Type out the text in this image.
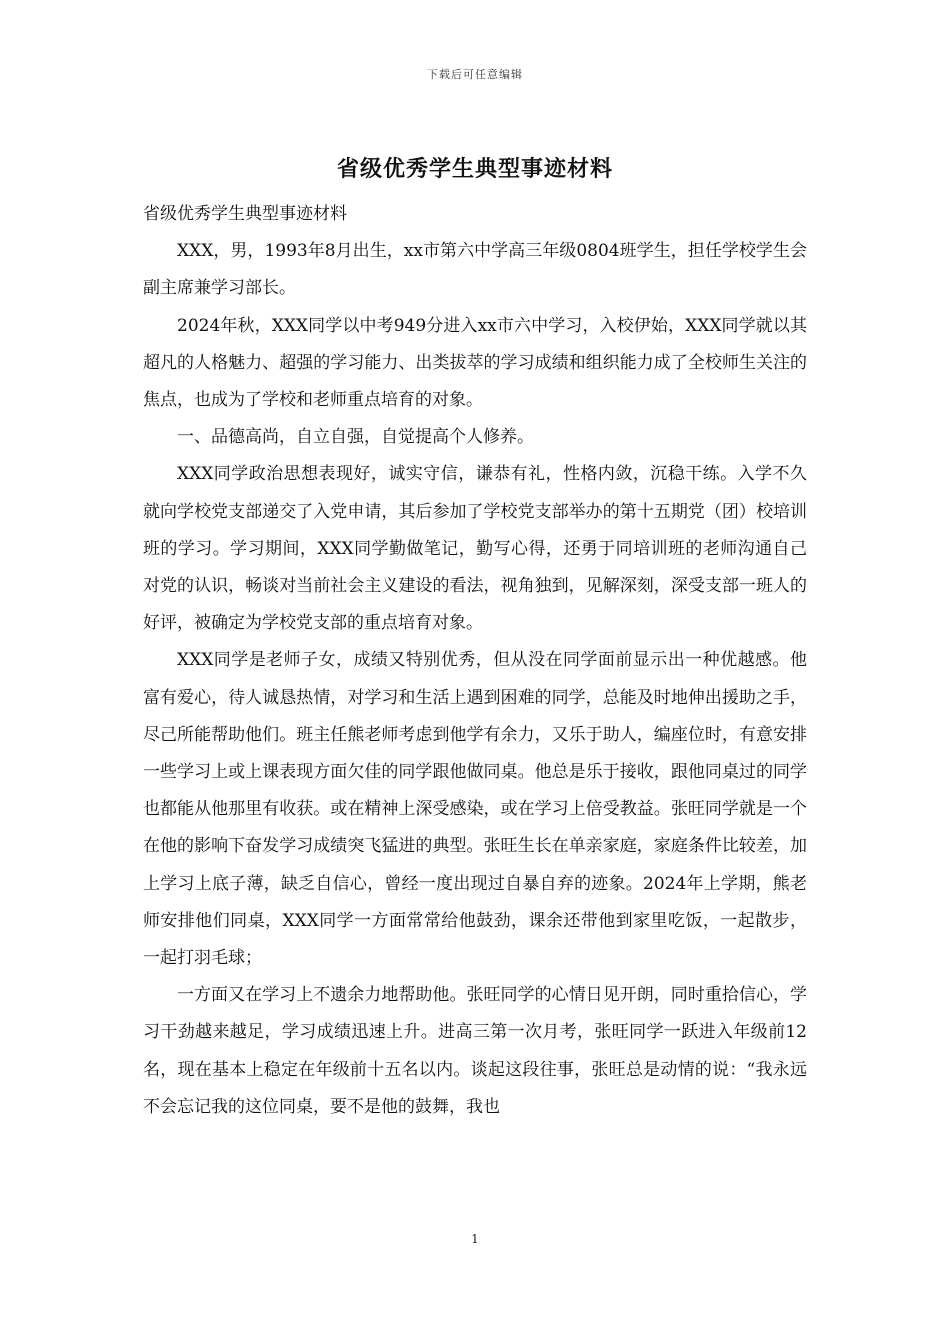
下载后可任意编辑
省级优秀学生典型事迹材料

省级优秀学生典型事迹材料

XXX，男，1993年8月出生，xx市第六中学高三年级0804班学生，担任学校学生会副主席兼学习部长。

2024年秋，XXX同学以中考949分进入xx市六中学习，入校伊始，XXX同学就以其超凡的人格魅力、超强的学习能力、出类拔萃的学习成绩和组织能力成了全校师生关注的焦点，也成为了学校和老师重点培育的对象。

一、品德高尚，自立自强，自觉提高个人修养。

XXX同学政治思想表现好，诚实守信，谦恭有礼，性格内敛，沉稳干练。入学不久就向学校党支部递交了入党申请，其后参加了学校党支部举办的第十五期党（团）校培训班的学习。学习期间，XXX同学勤做笔记，勤写心得，还勇于同培训班的老师沟通自己对党的认识，畅谈对当前社会主义建设的看法，视角独到，见解深刻，深受支部一班人的好评，被确定为学校党支部的重点培育对象。

XXX同学是老师子女，成绩又特别优秀，但从没在同学面前显示出一种优越感。他富有爱心，待人诚恳热情，对学习和生活上遇到困难的同学，总能及时地伸出援助之手，尽己所能帮助他们。班主任熊老师考虑到他学有余力，又乐于助人，编座位时，有意安排一些学习上或上课表现方面欠佳的同学跟他做同桌。他总是乐于接收，跟他同桌过的同学也都能从他那里有收获。或在精神上深受感染，或在学习上倍受教益。张旺同学就是一个在他的影响下奋发学习成绩突飞猛进的典型。张旺生长在单亲家庭，家庭条件比较差，加上学习上底子薄，缺乏自信心，曾经一度出现过自暴自弃的迹象。2024年上学期，熊老师安排他们同桌，XXX同学一方面常常给他鼓劲，课余还带他到家里吃饭，一起散步，一起打羽毛球；

一方面又在学习上不遗余力地帮助他。张旺同学的心情日见开朗，同时重拾信心，学习干劲越来越足，学习成绩迅速上升。进高三第一次月考，张旺同学一跃进入年级前12名，现在基本上稳定在年级前十五名以内。谈起这段往事，张旺总是动情的说：“我永远不会忘记我的这位同桌，要不是他的鼓舞，我也

1
